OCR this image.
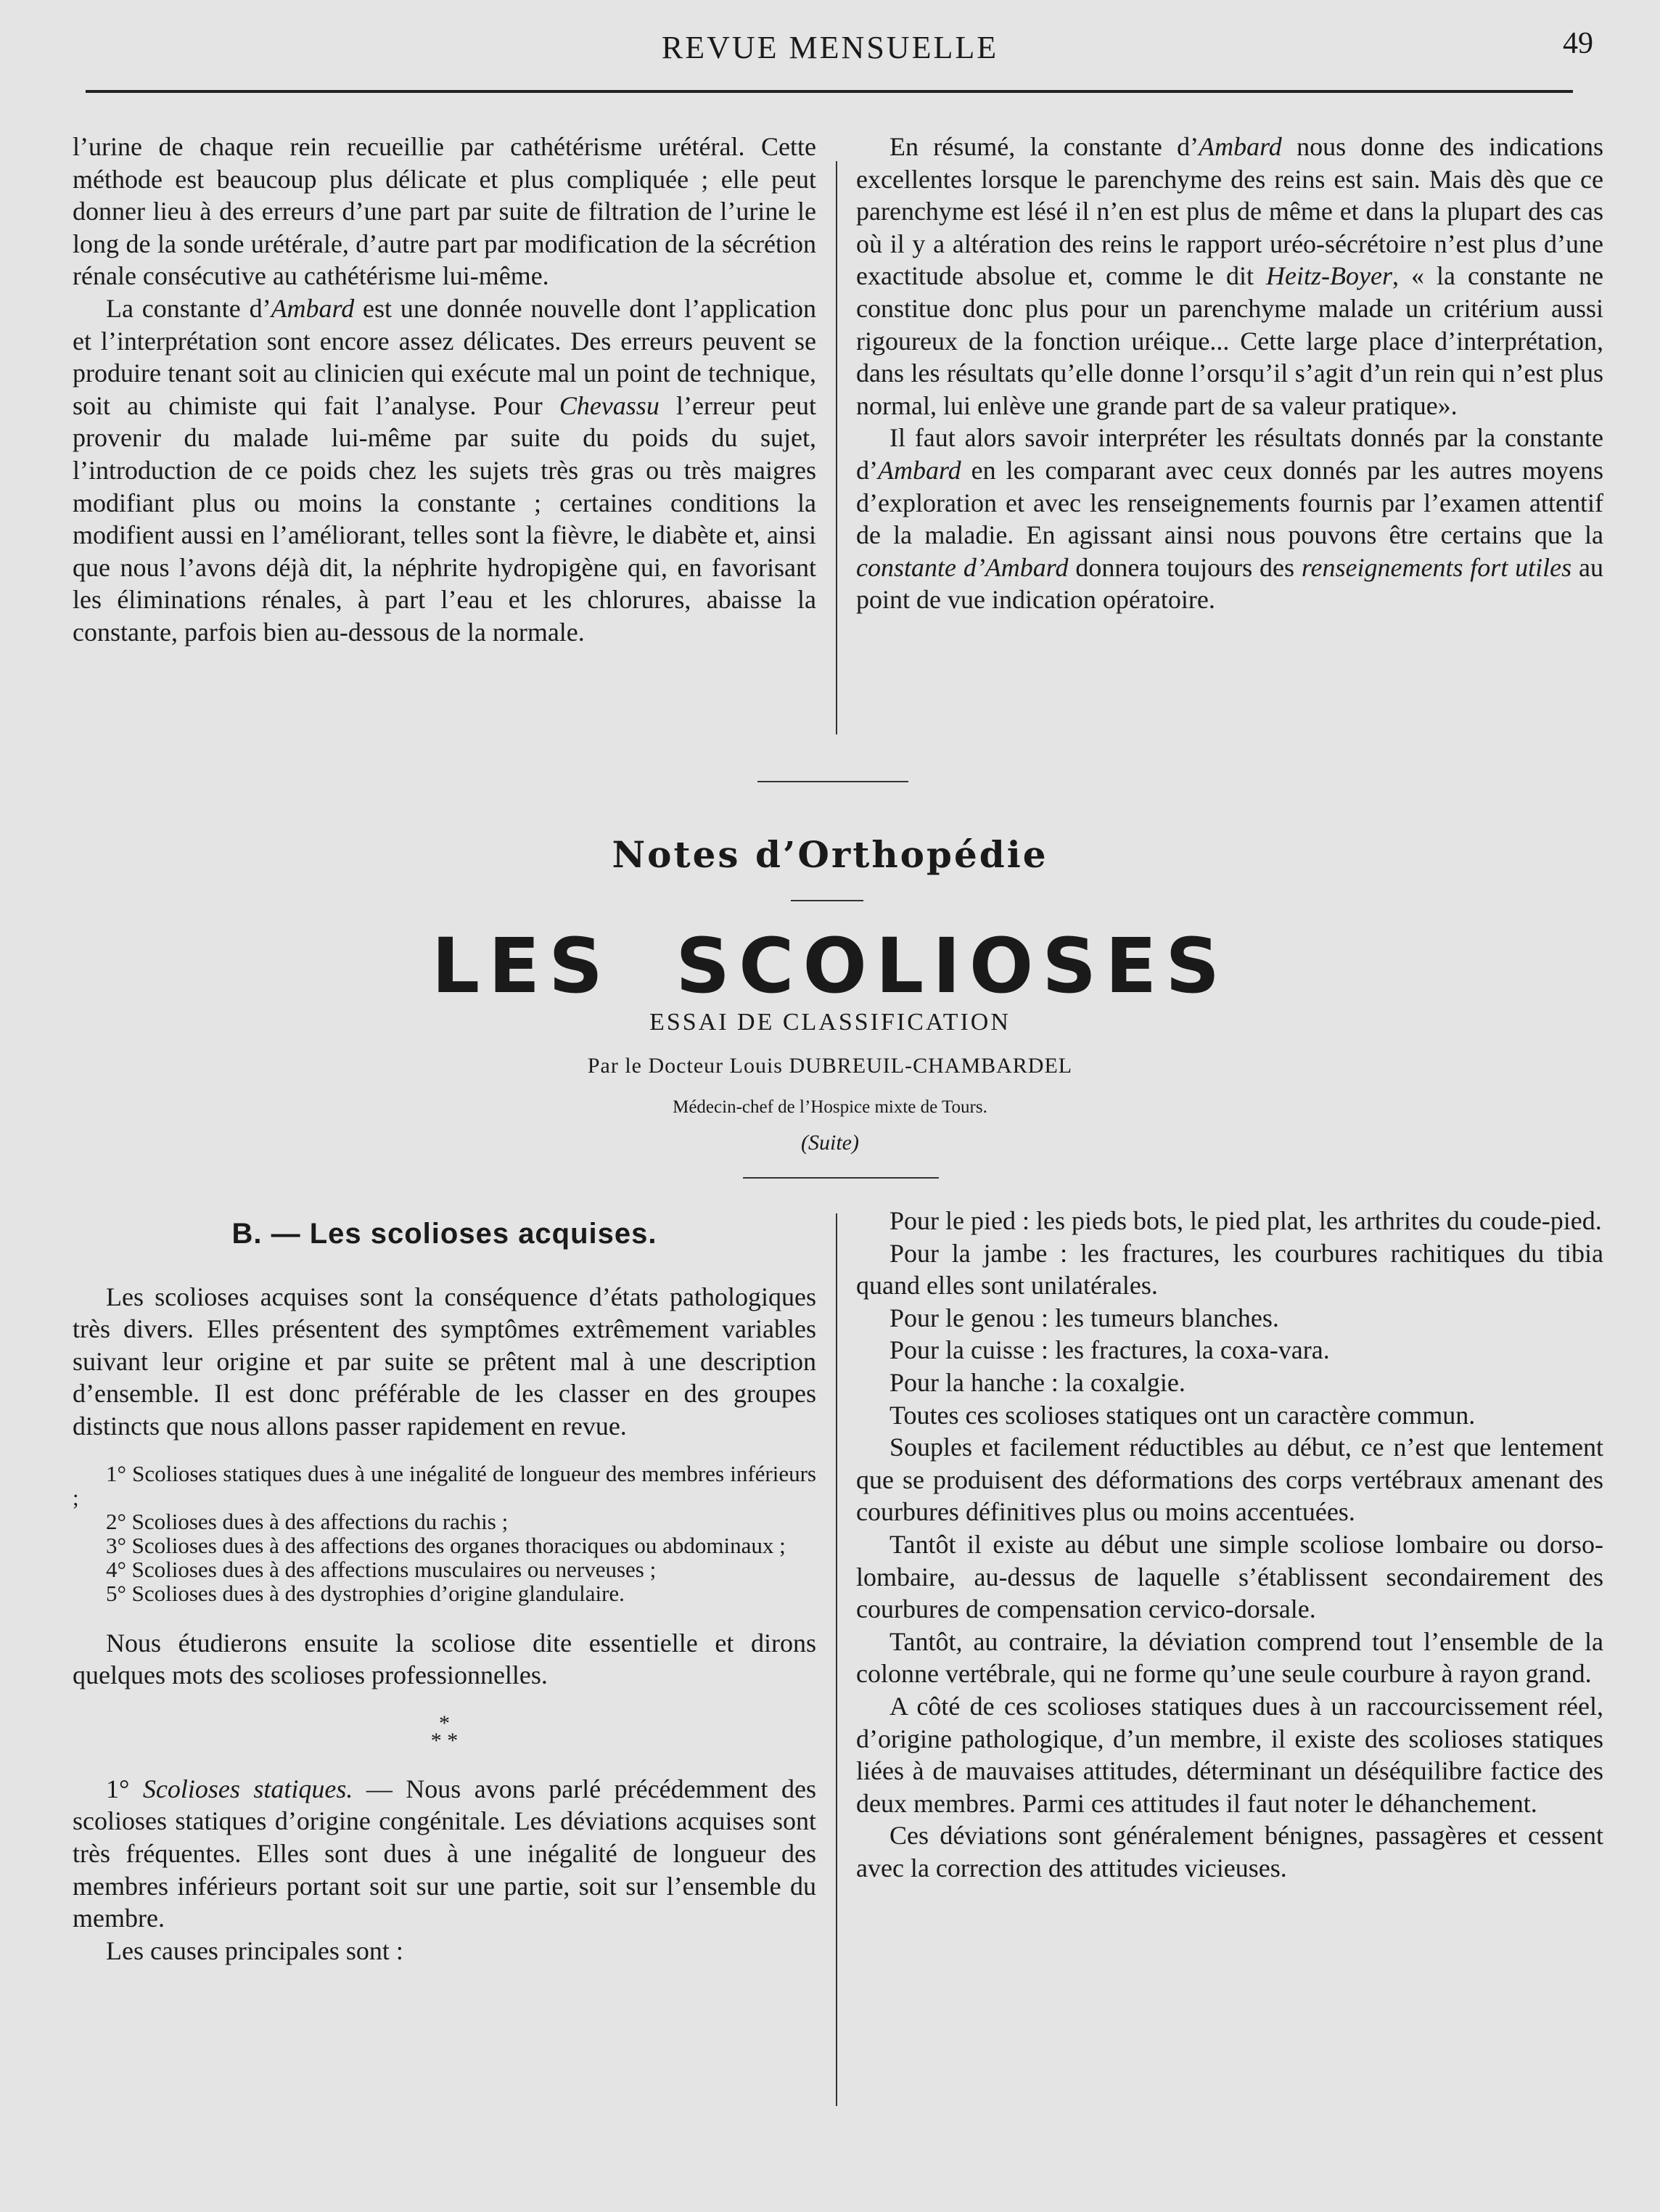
REVUE MENSUELLE	49

l’urine de chaque rein recueillie par cathétérisme urétéral. Cette méthode est beaucoup plus délicate et plus compliquée ; elle peut donner lieu à des erreurs d’une part par suite de filtration de l’urine le long de la sonde urétérale, d’autre part par modification de la sécrétion rénale consécutive au cathétérisme lui-même.

La constante d’Ambard est une donnée nouvelle dont l’application et l’interprétation sont encore assez délicates. Des erreurs peuvent se produire tenant soit au clinicien qui exécute mal un point de technique, soit au chimiste qui fait l’analyse. Pour Chevassu l’erreur peut provenir du malade lui-même par suite du poids du sujet, l’introduction de ce poids chez les sujets très gras ou très maigres modifiant plus ou moins la constante ; certaines conditions la modifient aussi en l’améliorant, telles sont la fièvre, le diabète et, ainsi que nous l’avons déjà dit, la néphrite hydropigène qui, en favorisant les éliminations rénales, à part l’eau et les chlorures, abaisse la constante, parfois bien au-dessous de la normale.

En résumé, la constante d’Ambard nous donne des indications excellentes lorsque le parenchyme des reins est sain. Mais dès que ce parenchyme est lésé il n’en est plus de même et dans la plupart des cas où il y a altération des reins le rapport uréo-sécrétoire n’est plus d’une exactitude absolue et, comme le dit Heitz-Boyer, « la constante ne constitue donc plus pour un parenchyme malade un critérium aussi rigoureux de la fonction uréique... Cette large place d’interprétation, dans les résultats qu’elle donne l’orsqu’il s’agit d’un rein qui n’est plus normal, lui enlève une grande part de sa valeur pratique».

Il faut alors savoir interpréter les résultats donnés par la constante d’Ambard en les comparant avec ceux donnés par les autres moyens d’exploration et avec les renseignements fournis par l’examen attentif de la maladie. En agissant ainsi nous pouvons être certains que la constante d’Ambard donnera toujours des renseignements fort utiles au point de vue indication opératoire.

Notes d’Orthopédie
LES SCOLIOSES
ESSAI DE CLASSIFICATION
Par le Docteur Louis DUBREUIL-CHAMBARDEL
Médecin-chef de l’Hospice mixte de Tours.
(Suite)
B. — Les scolioses acquises.

Les scolioses acquises sont la conséquence d’états pathologiques très divers. Elles présentent des symptômes extrêmement variables suivant leur origine et par suite se prêtent mal à une description d’ensemble. Il est donc préférable de les classer en des groupes distincts que nous allons passer rapidement en revue.

1° Scolioses statiques dues à une inégalité de longueur des membres inférieurs ;
2° Scolioses dues à des affections du rachis ;
3° Scolioses dues à des affections des organes thoraciques ou abdominaux ;
4° Scolioses dues à des affections musculaires ou nerveuses ;
5° Scolioses dues à des dystrophies d’origine glandulaire.

Nous étudierons ensuite la scoliose dite essentielle et dirons quelques mots des scolioses professionnelles.

*
* *

1° Scolioses statiques. — Nous avons parlé précédemment des scolioses statiques d’origine congénitale. Les déviations acquises sont très fréquentes. Elles sont dues à une inégalité de longueur des membres inférieurs portant soit sur une partie, soit sur l’ensemble du membre.

Les causes principales sont :

Pour le pied : les pieds bots, le pied plat, les arthrites du coude-pied.

Pour la jambe : les fractures, les courbures rachitiques du tibia quand elles sont unilatérales.

Pour le genou : les tumeurs blanches.

Pour la cuisse : les fractures, la coxa-vara.

Pour la hanche : la coxalgie.

Toutes ces scolioses statiques ont un caractère commun.

Souples et facilement réductibles au début, ce n’est que lentement que se produisent des déformations des corps vertébraux amenant des courbures définitives plus ou moins accentuées.

Tantôt il existe au début une simple scoliose lombaire ou dorso-lombaire, au-dessus de laquelle s’établissent secondairement des courbures de compensation cervico-dorsale.

Tantôt, au contraire, la déviation comprend tout l’ensemble de la colonne vertébrale, qui ne forme qu’une seule courbure à rayon grand.

A côté de ces scolioses statiques dues à un raccourcissement réel, d’origine pathologique, d’un membre, il existe des scolioses statiques liées à de mauvaises attitudes, déterminant un déséquilibre factice des deux membres. Parmi ces attitudes il faut noter le déhanchement.

Ces déviations sont généralement bénignes, passagères et cessent avec la correction des attitudes vicieuses.
